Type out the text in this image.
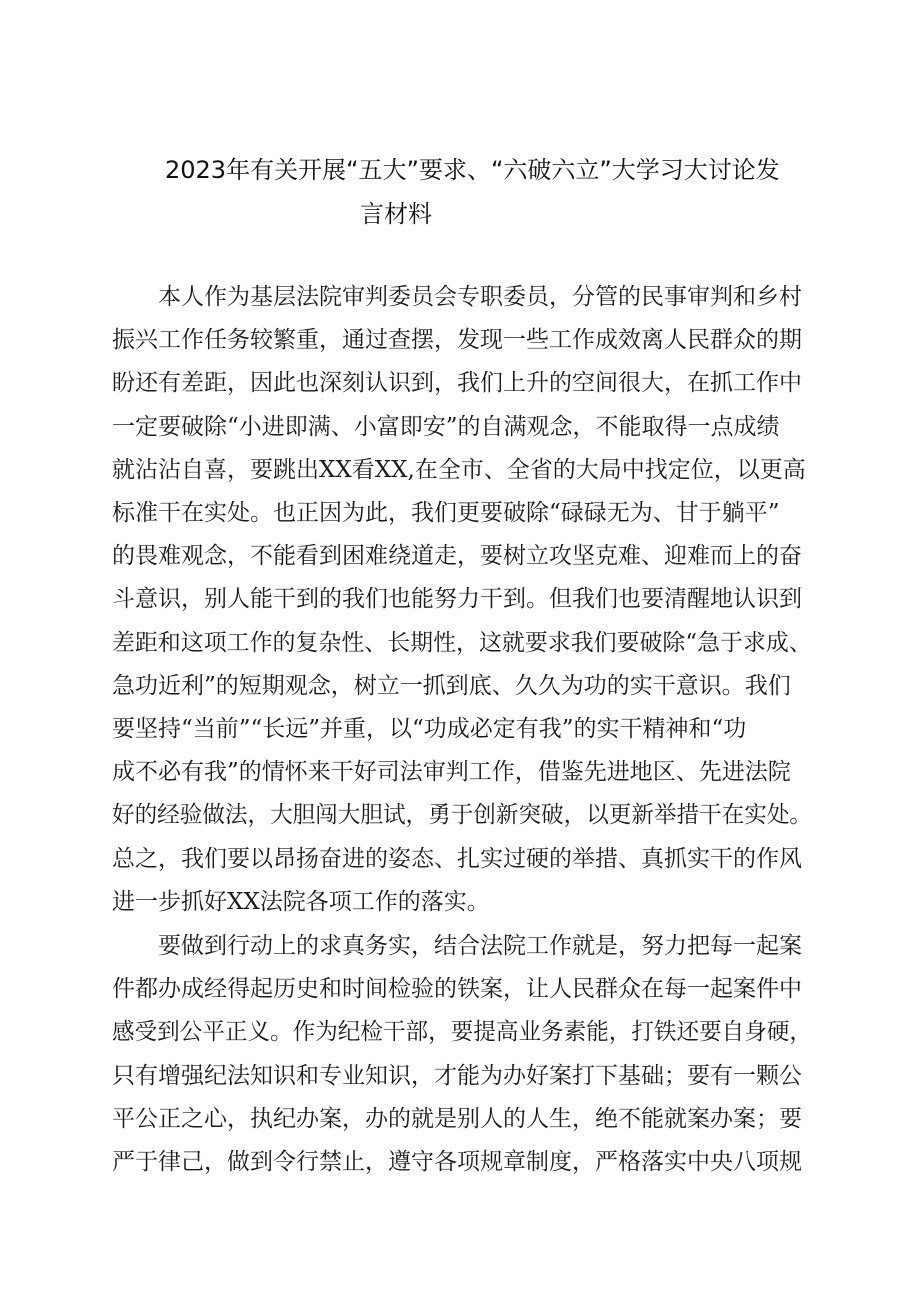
2023年有关开展“五大”要求、“六破六立”大学习大讨论发
言材料
　　本人作为基层法院审判委员会专职委员，分管的民事审判和乡村
振兴工作任务较繁重，通过查摆，发现一些工作成效离人民群众的期
盼还有差距，因此也深刻认识到，我们上升的空间很大，在抓工作中
一定要破除“小进即满、小富即安”的自满观念，不能取得一点成绩
就沾沾自喜，要跳出XX看XX,在全市、全省的大局中找定位，以更高
标准干在实处。也正因为此，我们更要破除“碌碌无为、甘于躺平”
的畏难观念，不能看到困难绕道走，要树立攻坚克难、迎难而上的奋
斗意识，别人能干到的我们也能努力干到。但我们也要清醒地认识到
差距和这项工作的复杂性、长期性，这就要求我们要破除“急于求成、
急功近利”的短期观念，树立一抓到底、久久为功的实干意识。我们
要坚持“当前”“长远”并重，以“功成必定有我”的实干精神和“功
成不必有我”的情怀来干好司法审判工作，借鉴先进地区、先进法院
好的经验做法，大胆闯大胆试，勇于创新突破，以更新举措干在实处。
总之，我们要以昂扬奋进的姿态、扎实过硬的举措、真抓实干的作风
进一步抓好XX法院各项工作的落实。
　　要做到行动上的求真务实，结合法院工作就是，努力把每一起案
件都办成经得起历史和时间检验的铁案，让人民群众在每一起案件中
感受到公平正义。作为纪检干部，要提高业务素能，打铁还要自身硬，
只有增强纪法知识和专业知识，才能为办好案打下基础；要有一颗公
平公正之心，执纪办案，办的就是别人的人生，绝不能就案办案；要
严于律己，做到令行禁止，遵守各项规章制度，严格落实中央八项规
